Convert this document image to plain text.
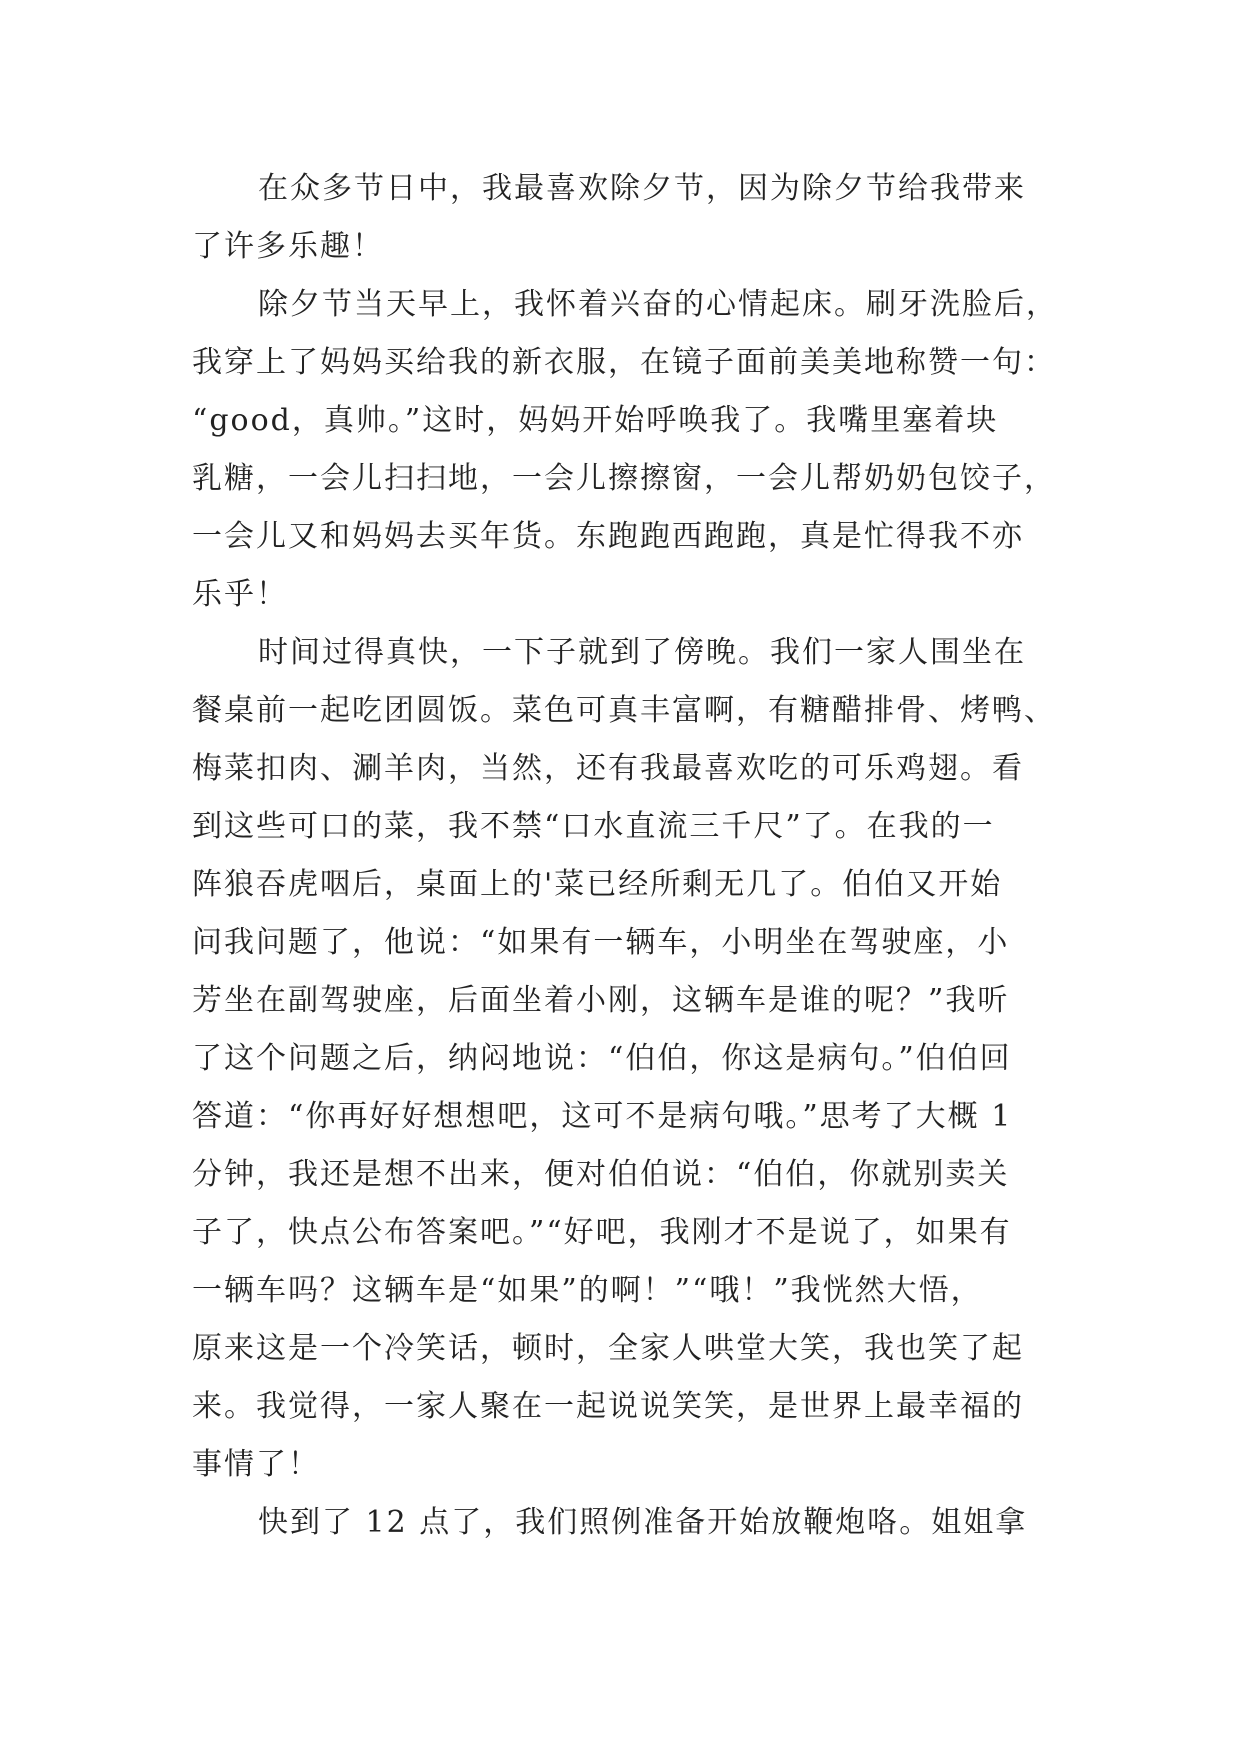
在众多节日中，我最喜欢除夕节，因为除夕节给我带来
了许多乐趣！
除夕节当天早上，我怀着兴奋的心情起床。刷牙洗脸后，
我穿上了妈妈买给我的新衣服，在镜子面前美美地称赞一句：
“good，真帅。”这时，妈妈开始呼唤我了。我嘴里塞着块
乳糖，一会儿扫扫地，一会儿擦擦窗，一会儿帮奶奶包饺子，
一会儿又和妈妈去买年货。东跑跑西跑跑，真是忙得我不亦
乐乎！
时间过得真快，一下子就到了傍晚。我们一家人围坐在
餐桌前一起吃团圆饭。菜色可真丰富啊，有糖醋排骨、烤鸭、
梅菜扣肉、涮羊肉，当然，还有我最喜欢吃的可乐鸡翅。看
到这些可口的菜，我不禁“口水直流三千尺”了。在我的一
阵狼吞虎咽后，桌面上的'菜已经所剩无几了。伯伯又开始
问我问题了，他说：“如果有一辆车，小明坐在驾驶座，小
芳坐在副驾驶座，后面坐着小刚，这辆车是谁的呢？”我听
了这个问题之后，纳闷地说：“伯伯，你这是病句。”伯伯回
答道：“你再好好想想吧，这可不是病句哦。”思考了大概 1
分钟，我还是想不出来，便对伯伯说：“伯伯，你就别卖关
子了，快点公布答案吧。”“好吧，我刚才不是说了，如果有
一辆车吗？这辆车是“如果”的啊！”“哦！”我恍然大悟，
原来这是一个冷笑话，顿时，全家人哄堂大笑，我也笑了起
来。我觉得，一家人聚在一起说说笑笑，是世界上最幸福的
事情了！
快到了 12 点了，我们照例准备开始放鞭炮咯。姐姐拿
